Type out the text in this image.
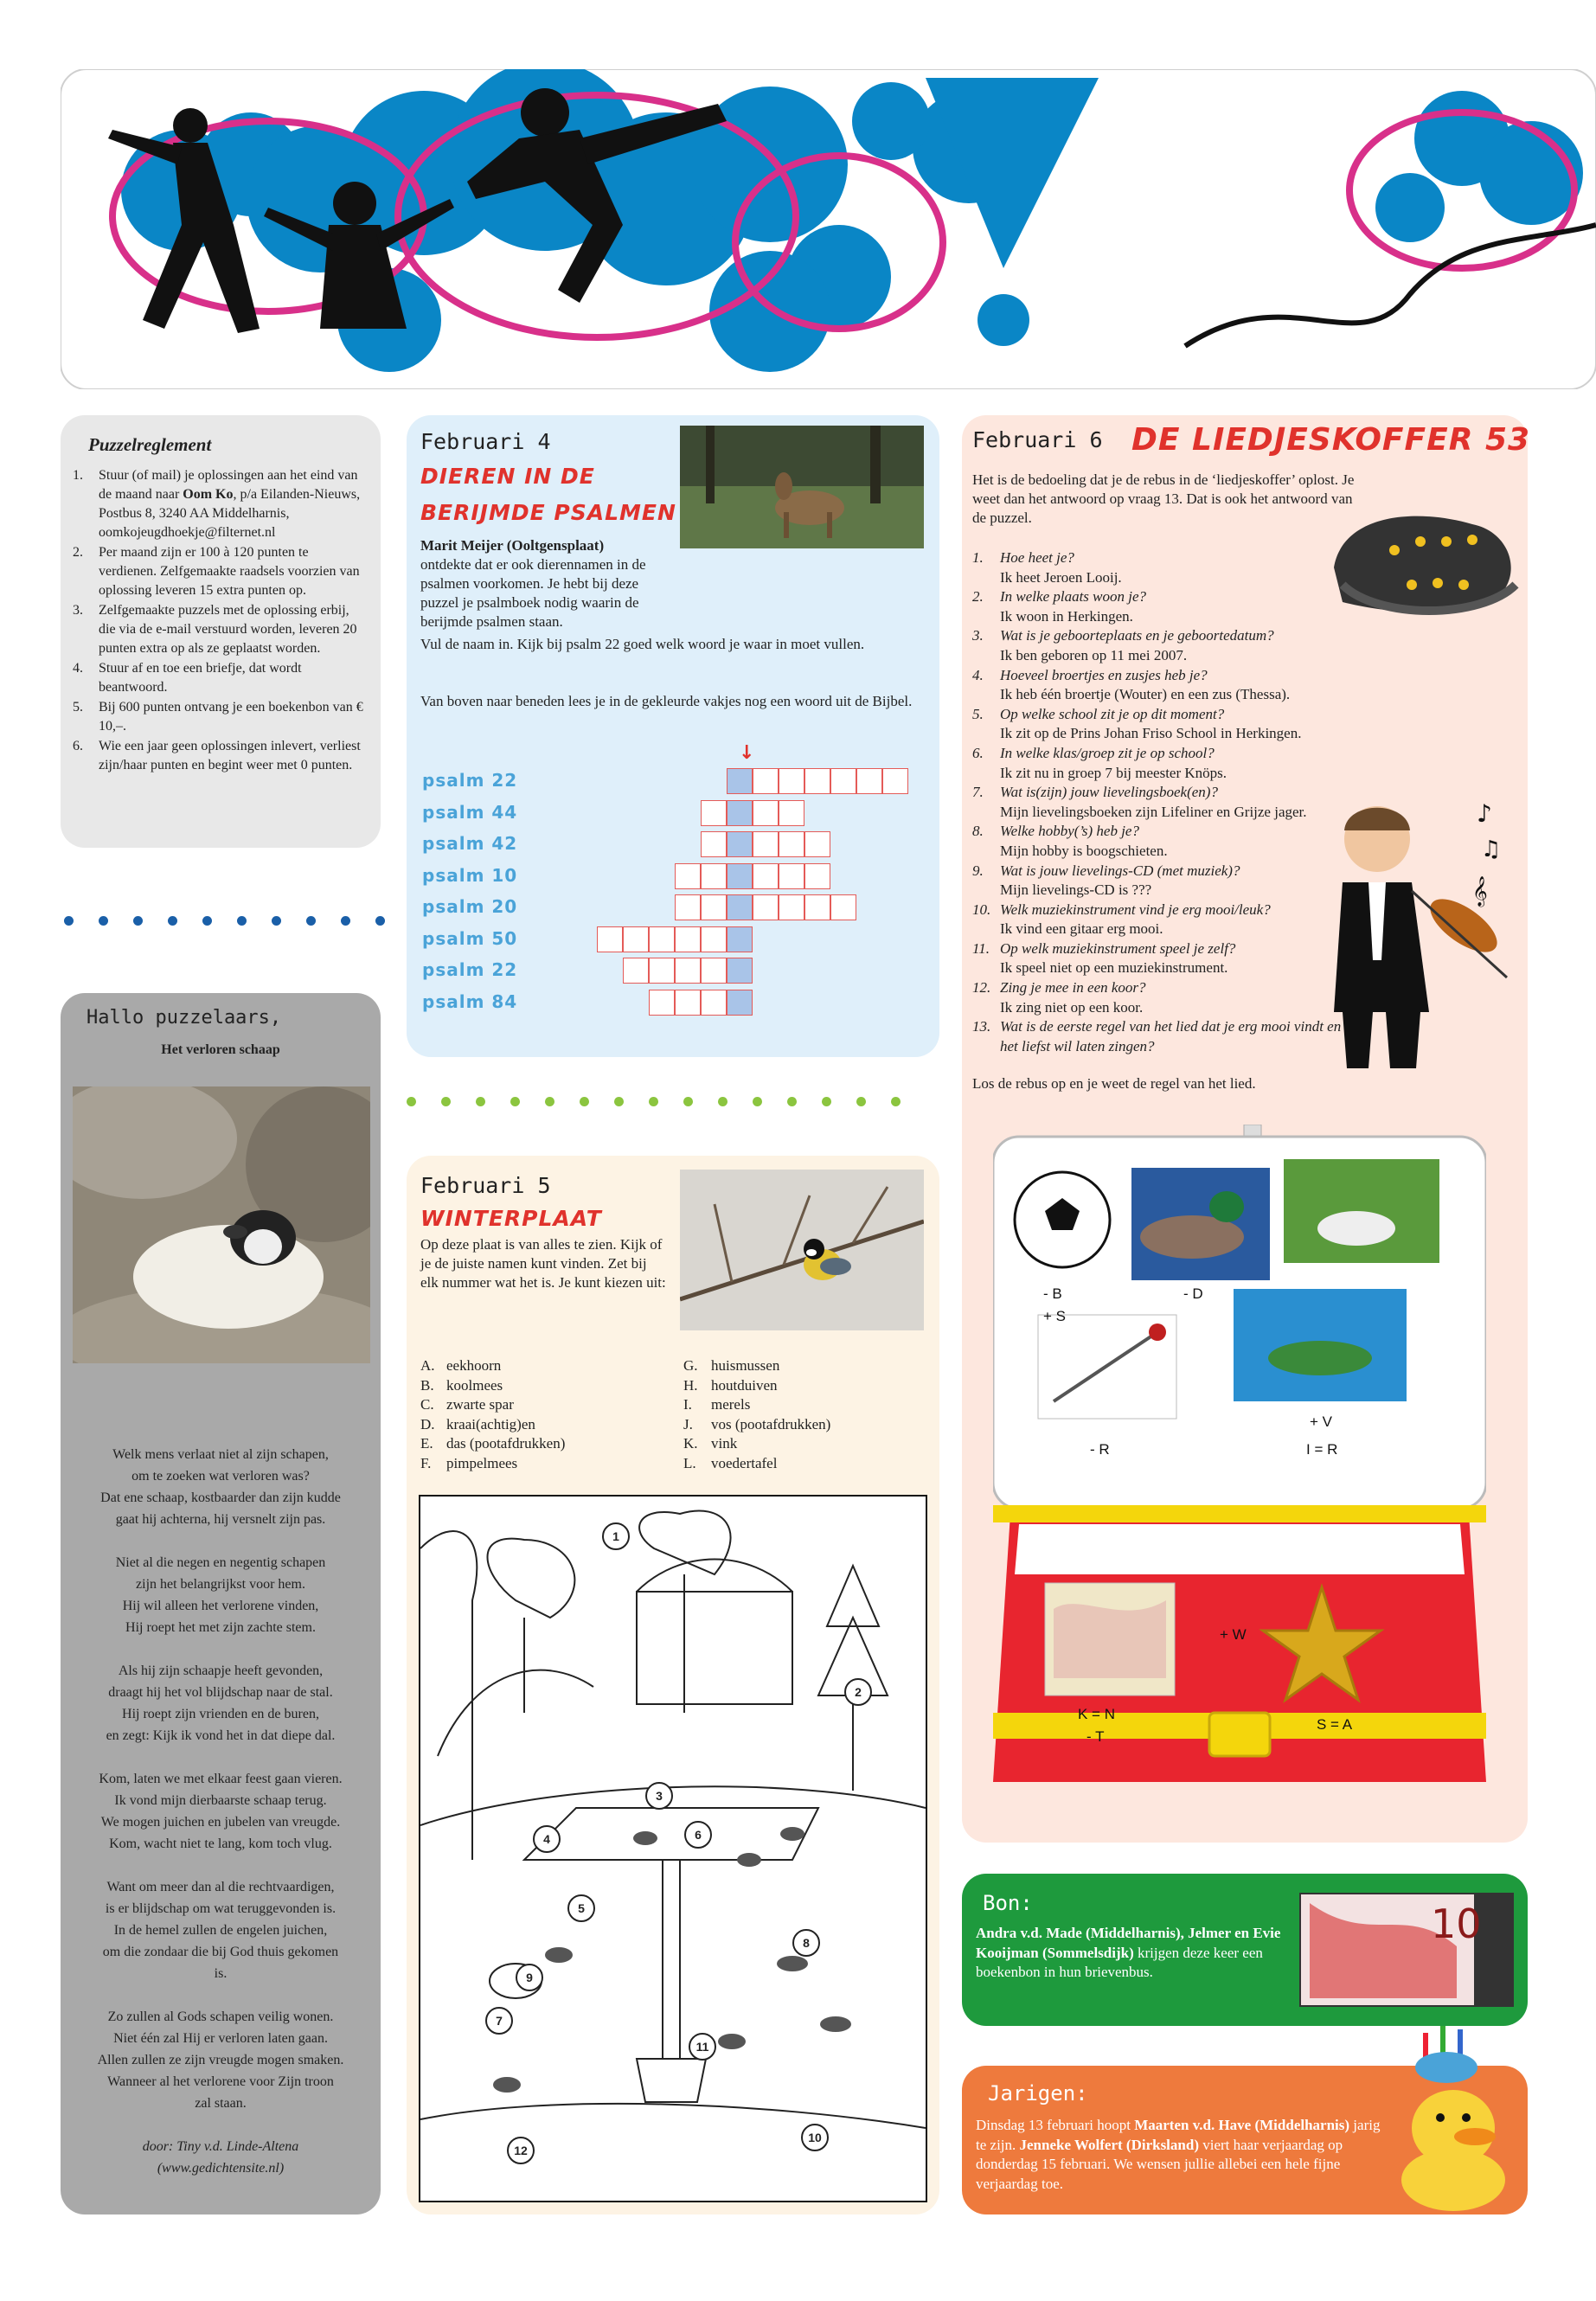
Puzzelreglement
1.	Stuur (of mail) je oplossingen aan het eind van de maand naar Oom Ko, p/a Eilanden-Nieuws, Postbus 8, 3240 AA Middelharnis, oomkojeugdhoekje@filternet.nl
2.	Per maand zijn er 100 à 120 punten te verdienen. Zelfgemaakte raadsels voorzien van oplossing leveren 15 extra punten op.
3.	Zelfgemaakte puzzels met de oplossing erbij, die via de e-mail verstuurd worden, leveren 20 punten extra op als ze geplaatst worden.
4.	Stuur af en toe een briefje, dat wordt beantwoord.
5.	Bij 600 punten ontvang je een boekenbon van € 10,–.
6.	Wie een jaar geen oplossingen inlevert, verliest zijn/haar punten en begint weer met 0 punten.
Hallo puzzelaars,
Het verloren schaap

Welk mens verlaat niet al zijn schapen,
om te zoeken wat verloren was?
Dat ene schaap, kostbaarder dan zijn kudde
gaat hij achterna, hij versnelt zijn pas.

Niet al die negen en negentig schapen
zijn het belangrijkst voor hem.
Hij wil alleen het verlorene vinden,
Hij roept het met zijn zachte stem.

Als hij zijn schaapje heeft gevonden,
draagt hij het vol blijdschap naar de stal.
Hij roept zijn vrienden en de buren,
en zegt: Kijk ik vond het in dat diepe dal.

Kom, laten we met elkaar feest gaan vieren.
Ik vond mijn dierbaarste schaap terug.
We mogen juichen en jubelen van vreugde.
Kom, wacht niet te lang, kom toch vlug.

Want om meer dan al die rechtvaardigen,
is er blijdschap om wat teruggevonden is.
In de hemel zullen de engelen juichen,
om die zondaar die bij God thuis gekomen
is.

Zo zullen al Gods schapen veilig wonen.
Niet één zal Hij er verloren laten gaan.
Allen zullen ze zijn vreugde mogen smaken.
Wanneer al het verlorene voor Zijn troon
zal staan.

door: Tiny v.d. Linde-Altena
(www.gedichtensite.nl)

Februari 4
DIEREN IN DE
BERIJMDE PSALMEN
Marit Meijer (Ooltgensplaat)
ontdekte dat er ook dierennamen in de psalmen voorkomen. Je hebt bij deze puzzel je psalmboek nodig waarin de berijmde psalmen staan.
Vul de naam in. Kijk bij psalm 22 goed welk woord je waar in moet vullen.
Van boven naar beneden lees je in de gekleurde vakjes nog een woord uit de Bijbel.
↓
psalm 22
psalm 44
psalm 42
psalm 10
psalm 20
psalm 50
psalm 22
psalm 84
Februari 5
WINTERPLAAT
Op deze plaat is van alles te zien. Kijk of je de juiste namen kunt vinden. Zet bij elk nummer wat het is. Je kunt kiezen uit:
A. eekhoorn
B. koolmees
C. zwarte spar
D. kraai(achtig)en
E. das (pootafdrukken)
F. pimpelmees
G. huismussen
H. houtduiven
I. merels
J. vos (pootafdrukken)
K. vink
L. voedertafel
1
2
3
4
5
6
7
8
9
10
11
12
Februari 6 DE LIEDJESKOFFER 53
Het is de bedoeling dat je de rebus in de ‘liedjeskoffer’ oplost. Je weet dan het antwoord op vraag 13. Dat is ook het antwoord van de puzzel.
1.	Hoe heet je?
Ik heet Jeroen Looij.
2.	In welke plaats woon je?
Ik woon in Herkingen.
3.	Wat is je geboorteplaats en je geboortedatum?
Ik ben geboren op 11 mei 2007.
4.	Hoeveel broertjes en zusjes heb je?
Ik heb één broertje (Wouter) en een zus (Thessa).
5.	Op welke school zit je op dit moment?
Ik zit op de Prins Johan Friso School in Herkingen.
6.	In welke klas/groep zit je op school?
Ik zit nu in groep 7 bij meester Knöps.
7.	Wat is(zijn) jouw lievelingsboek(en)?
Mijn lievelingsboeken zijn Lifeliner en Grijze jager.
8.	Welke hobby(’s) heb je?
Mijn hobby is boogschieten.
9.	Wat is jouw lievelings-CD (met muziek)?
Mijn lievelings-CD is ???
10. Welk muziekinstrument vind je erg mooi/leuk?
Ik vind een gitaar erg mooi.
11. Op welk muziekinstrument speel je zelf?
Ik speel niet op een muziekinstrument.
12. Zing je mee in een koor?
Ik zing niet op een koor.
13. Wat is de eerste regel van het lied dat je erg mooi vindt en het liefst wil laten zingen?
Los de rebus op en je weet de regel van het lied.
♪
♫
𝄞
- B
+ S
- D
- R
+ V
I = R
+ W
K = N
- T
S = A
Bon:
Andra v.d. Made (Middelharnis), Jelmer en Evie Kooijman (Sommelsdijk) krijgen deze keer een boekenbon in hun brievenbus.
10
Jarigen:
Dinsdag 13 februari hoopt Maarten v.d. Have (Middelharnis) jarig te zijn. Jenneke Wolfert (Dirksland) viert haar verjaardag op donderdag 15 februari. We wensen jullie allebei een hele fijne verjaardag toe.
